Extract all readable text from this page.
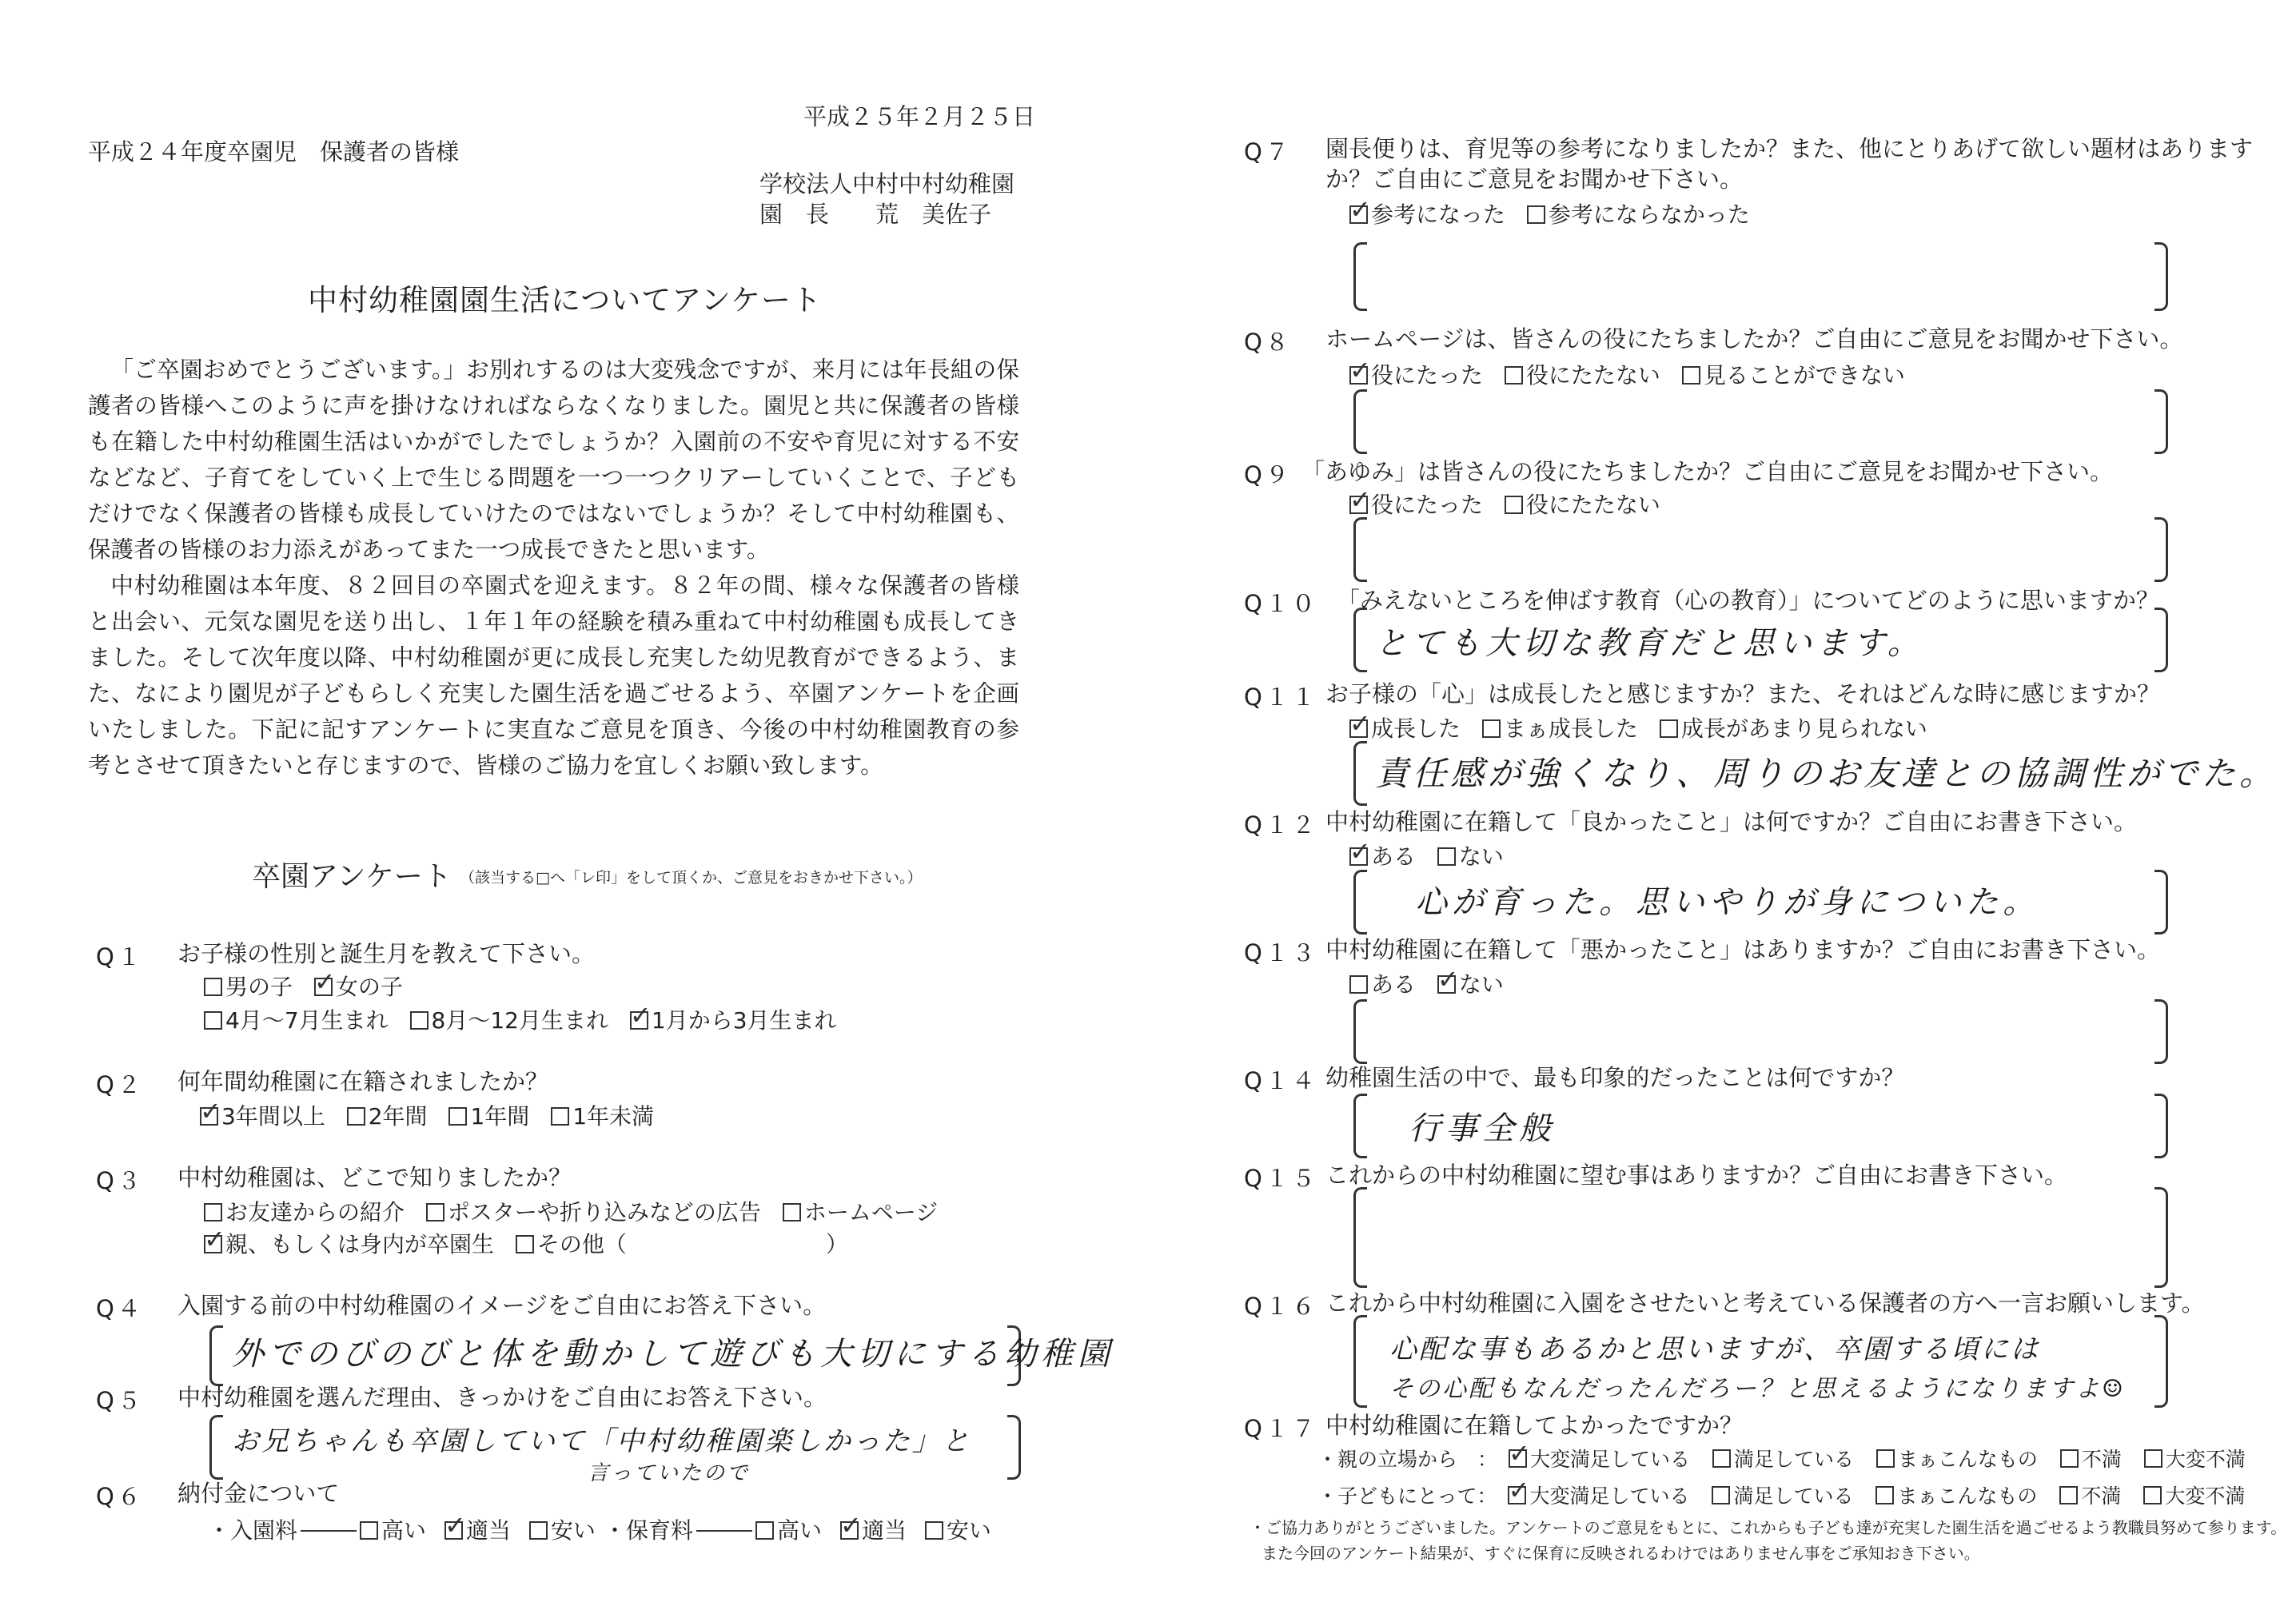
平成２５年２月２５日
平成２４年度卒園児　保護者の皆様
学校法人中村中村幼稚園
園　長　　荒　美佐子
中村幼稚園園生活についてアンケート

「ご卒園おめでとうございます。」お別れするのは大変残念ですが、来月には年長組の保護者の皆様へこのように声を掛けなければならなくなりました。園児と共に保護者の皆様も在籍した中村幼稚園生活はいかがでしたでしょうか？入園前の不安や育児に対する不安などなど、子育てをしていく上で生じる問題を一つ一つクリアーしていくことで、子どもだけでなく保護者の皆様も成長していけたのではないでしょうか？そして中村幼稚園も、保護者の皆様のお力添えがあってまた一つ成長できたと思います。

中村幼稚園は本年度、８２回目の卒園式を迎えます。８２年の間、様々な保護者の皆様と出会い、元気な園児を送り出し、１年１年の経験を積み重ねて中村幼稚園も成長してきました。そして次年度以降、中村幼稚園が更に成長し充実した幼児教育ができるよう、また、なにより園児が子どもらしく充実した園生活を過ごせるよう、卒園アンケートを企画いたしました。下記に記すアンケートに実直なご意見を頂き、今後の中村幼稚園教育の参考とさせて頂きたいと存じますので、皆様のご協力を宜しくお願い致します。

卒園アンケート （該当する□へ「レ印」をして頂くか、ご意見をおきかせ下さい。）
Q１ お子様の性別と誕生月を教えて下さい。
男の子 ✓ 女の子
4月～7月生まれ 8月～12月生まれ ✓ 1月から3月生まれ
Q２ 何年間幼稚園に在籍されましたか？
✓3年間以上 2年間 1年間 1年未満
Q３ 中村幼稚園は、どこで知りましたか？
お友達からの紹介 ポスターや折り込みなどの広告 ホームページ
✓親、もしくは身内が卒園生 その他（	）
Q４ 入園する前の中村幼稚園のイメージをご自由にお答え下さい。
外でのびのびと体を動かして遊びも大切にする幼稚園
Q５ 中村幼稚園を選んだ理由、きっかけをご自由にお答え下さい。
お兄ちゃんも卒園していて「中村幼稚園楽しかった」と
言っていたので
Q６ 納付金について
・入園料	高い ✓ 適当 安い ・保育料	高い ✓ 適当 安い
Q７ 園長便りは、育児等の参考になりましたか？また、他にとりあげて欲しい題材はあります
か？ご自由にご意見をお聞かせ下さい。
✓参考になった 参考にならなかった
Q８ ホームページは、皆さんの役にたちましたか？ご自由にご意見をお聞かせ下さい。
✓役にたった 役にたたない 見ることができない
Q９ 「あゆみ」は皆さんの役にたちましたか？ご自由にご意見をお聞かせ下さい。
✓役にたった 役にたたない
Q１０ 「みえないところを伸ばす教育（心の教育）」についてどのように思いますか？
とても大切な教育だと思います。
Q１１ お子様の「心」は成長したと感じますか？また、それはどんな時に感じますか？
✓成長した まぁ成長した 成長があまり見られない
責任感が強くなり、周りのお友達との協調性がでた。
Q１２ 中村幼稚園に在籍して「良かったこと」は何ですか？ご自由にお書き下さい。
✓ある ない
心が育った。思いやりが身についた。
Q１３ 中村幼稚園に在籍して「悪かったこと」はありますか？ご自由にお書き下さい。
ある ✓ ない
Q１４ 幼稚園生活の中で、最も印象的だったことは何ですか？
行事全般
Q１５ これからの中村幼稚園に望む事はありますか？ご自由にお書き下さい。
Q１６ これから中村幼稚園に入園をさせたいと考えている保護者の方へ一言お願いします。
心配な事もあるかと思いますが、卒園する頃には
その心配もなんだったんだろー？と思えるようになりますよ☺
Q１７ 中村幼稚園に在籍してよかったですか？
・親の立場から　： ✓ 大変満足している 満足している まぁこんなもの 不満 大変不満
・子どもにとって： ✓ 大変満足している 満足している まぁこんなもの 不満 大変不満
・ご協力ありがとうございました。アンケートのご意見をもとに、これからも子ども達が充実した園生活を過ごせるよう教職員努めて参ります。
また今回のアンケート結果が、すぐに保育に反映されるわけではありません事をご承知おき下さい。
